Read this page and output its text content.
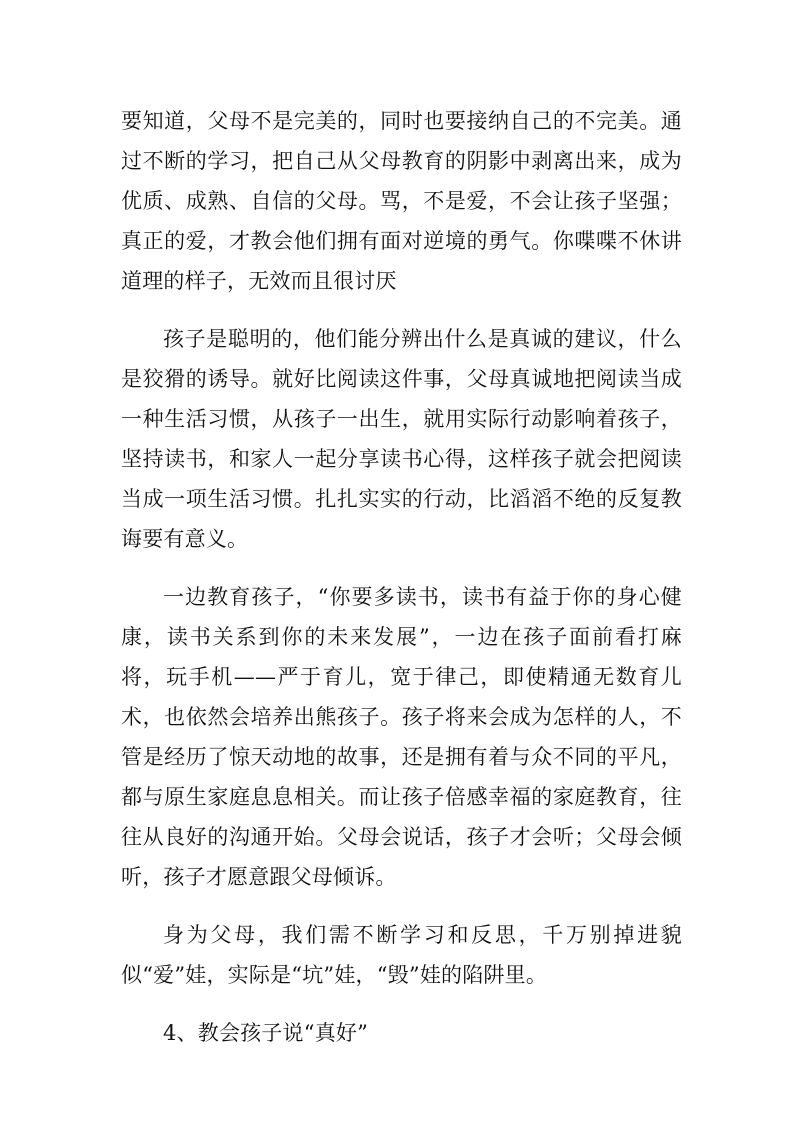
要知道，父母不是完美的，同时也要接纳自己的不完美。通过不断的学习，把自己从父母教育的阴影中剥离出来，成为优质、成熟、自信的父母。骂，不是爱，不会让孩子坚强；真正的爱，才教会他们拥有面对逆境的勇气。你喋喋不休讲道理的样子，无效而且很讨厌

孩子是聪明的，他们能分辨出什么是真诚的建议，什么是狡猾的诱导。就好比阅读这件事，父母真诚地把阅读当成一种生活习惯，从孩子一出生，就用实际行动影响着孩子，坚持读书，和家人一起分享读书心得，这样孩子就会把阅读当成一项生活习惯。扎扎实实的行动，比滔滔不绝的反复教诲要有意义。

一边教育孩子，“你要多读书，读书有益于你的身心健康，读书关系到你的未来发展”，一边在孩子面前看打麻将，玩手机——严于育儿，宽于律己，即使精通无数育儿术，也依然会培养出熊孩子。孩子将来会成为怎样的人，不管是经历了惊天动地的故事，还是拥有着与众不同的平凡，都与原生家庭息息相关。而让孩子倍感幸福的家庭教育，往往从良好的沟通开始。父母会说话，孩子才会听；父母会倾听，孩子才愿意跟父母倾诉。

身为父母，我们需不断学习和反思，千万别掉进貌似“爱”娃，实际是“坑”娃，“毁”娃的陷阱里。

4、教会孩子说“真好”
